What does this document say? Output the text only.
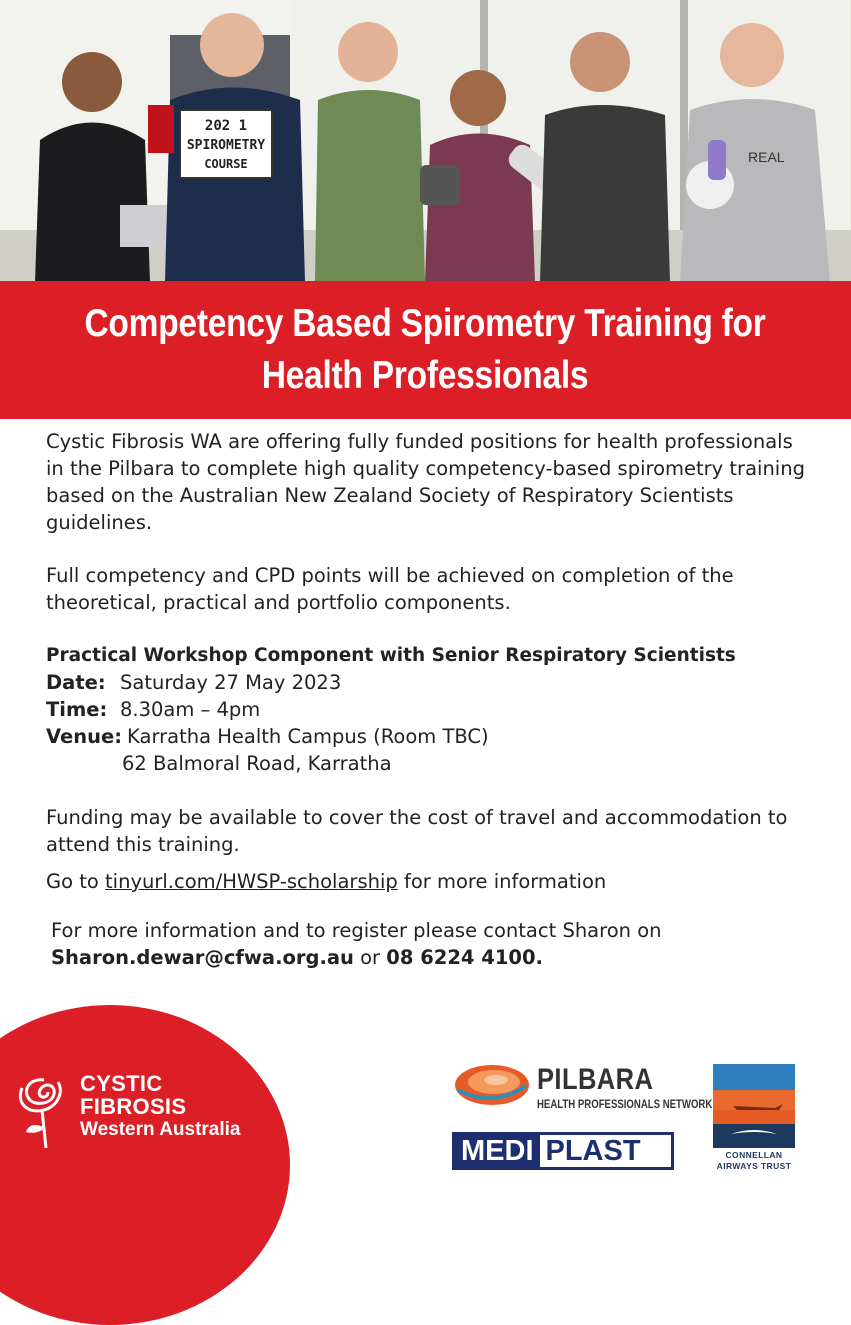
202 1
SPIROMETRY
COURSE	REAL
Competency Based Spirometry Training for
Health Professionals

Cystic Fibrosis WA are offering fully funded positions for health professionals in the Pilbara to complete high quality competency-based spirometry training based on the Australian New Zealand Society of Respiratory Scientists guidelines.

Full competency and CPD points will be achieved on completion of the theoretical, practical and portfolio components.

Practical Workshop Component with Senior Respiratory Scientists
Date: Saturday 27 May 2023
Time: 8.30am – 4pm
Venue: Karratha Health Campus (Room TBC)
62 Balmoral Road, Karratha

Funding may be available to cover the cost of travel and accommodation to attend this training.

Go to tinyurl.com/HWSP-scholarship for more information

For more information and to register please contact Sharon on
Sharon.dewar@cfwa.org.au or 08 6224 4100.

CYSTIC
FIBROSIS
Western Australia
PILBARA
HEALTH PROFESSIONALS NETWORK
MEDI PLAST	CONNELLAN
AIRWAYS TRUST
